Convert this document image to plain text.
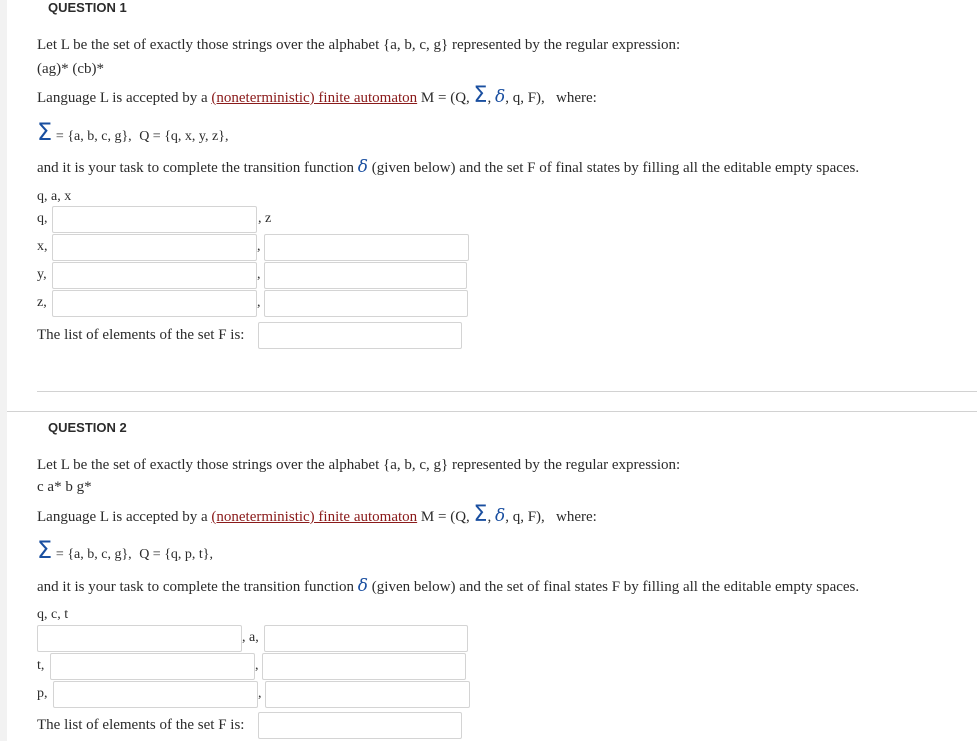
QUESTION 1
Let L be the set of exactly those strings over the alphabet {a, b, c, g} represented by the regular expression:
(ag)* (cb)*
Language L is accepted by a (noneterministic) finite automaton M = (Q, Σ, δ, q, F), where:
Σ = {a, b, c, g}, Q = {q, x, y, z},
and it is your task to complete the transition function δ (given below) and the set F of final states by filling all the editable empty spaces.
q, a, x
q,	, z
x,	,
y,	,
z,	,
The list of elements of the set F is:
QUESTION 2
Let L be the set of exactly those strings over the alphabet {a, b, c, g} represented by the regular expression:
c a* b g*
Language L is accepted by a (noneterministic) finite automaton M = (Q, Σ, δ, q, F), where:
Σ = {a, b, c, g}, Q = {q, p, t},
and it is your task to complete the transition function δ (given below) and the set of final states F by filling all the editable empty spaces.
q, c, t
, a,
t,	,
p,	,
The list of elements of the set F is:
